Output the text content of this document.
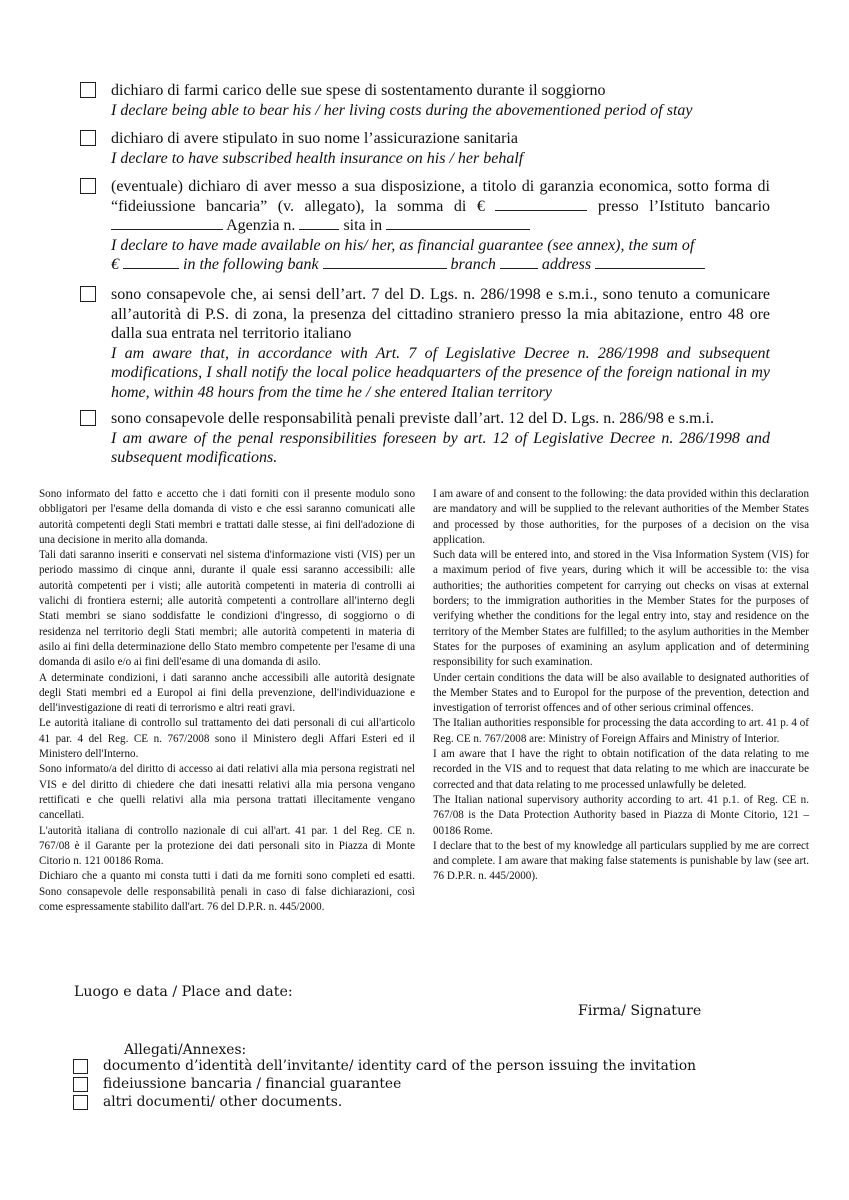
dichiaro di farmi carico delle sue spese di sostentamento durante il soggiorno
I declare being able to bear his / her living costs during the abovementioned period of stay
dichiaro di avere stipulato in suo nome l’assicurazione sanitaria
I declare to have subscribed health insurance on his / her behalf
(eventuale) dichiaro di aver messo a sua disposizione, a titolo di garanzia economica, sotto forma di “fideiussione bancaria” (v. allegato), la somma di €	presso l’Istituto bancario  Agenzia n.	sita in
I declare to have made available on his/ her, as financial guarantee (see annex), the sum of
€	in the following bank	branch	address
sono consapevole che, ai sensi dell’art. 7 del D. Lgs. n. 286/1998 e s.m.i., sono tenuto a comunicare all’autorità di P.S. di zona, la presenza del cittadino straniero presso la mia abitazione, entro 48 ore dalla sua entrata nel territorio italiano
I am aware that, in accordance with Art. 7 of Legislative Decree n. 286/1998 and subsequent modifications, I shall notify the local police headquarters of the presence of the foreign national in my home, within 48 hours from the time he / she entered Italian territory
sono consapevole delle responsabilità penali previste dall’art. 12 del D. Lgs. n. 286/98 e s.m.i.
I am aware of the penal responsibilities foreseen by art. 12 of Legislative Decree n. 286/1998 and subsequent modifications.

Sono informato del fatto e accetto che i dati forniti con il presente modulo sono obbligatori per l'esame della domanda di visto e che essi saranno comunicati alle autorità competenti degli Stati membri e trattati dalle stesse, ai fini dell'adozione di una decisione in merito alla domanda.

Tali dati saranno inseriti e conservati nel sistema d'informazione visti (VIS) per un periodo massimo di cinque anni, durante il quale essi saranno accessibili: alle autorità competenti per i visti; alle autorità competenti in materia di controlli ai valichi di frontiera esterni; alle autorità competenti a controllare all'interno degli Stati membri se siano soddisfatte le condizioni d'ingresso, di soggiorno o di residenza nel territorio degli Stati membri; alle autorità competenti in materia di asilo ai fini della determinazione dello Stato membro competente per l'esame di una domanda di asilo e/o ai fini dell'esame di una domanda di asilo.

A determinate condizioni, i dati saranno anche accessibili alle autorità designate degli Stati membri ed a Europol ai fini della prevenzione, dell'individuazione e dell'investigazione di reati di terrorismo e altri reati gravi.

Le autorità italiane di controllo sul trattamento dei dati personali di cui all'articolo 41 par. 4 del Reg. CE n. 767/2008 sono il Ministero degli Affari Esteri ed il Ministero dell'Interno.

Sono informato/a del diritto di accesso ai dati relativi alla mia persona registrati nel VIS e del diritto di chiedere che dati inesatti relativi alla mia persona vengano rettificati e che quelli relativi alla mia persona trattati illecitamente vengano cancellati.

L'autorità italiana di controllo nazionale di cui all'art. 41 par. 1 del Reg. CE n. 767/08 è il Garante per la protezione dei dati personali sito in Piazza di Monte Citorio n. 121 00186 Roma.

Dichiaro che a quanto mi consta tutti i dati da me forniti sono completi ed esatti. Sono consapevole delle responsabilità penali in caso di false dichiarazioni, così come espressamente stabilito dall'art. 76 del D.P.R. n. 445/2000.

I am aware of and consent to the following: the data provided within this declaration are mandatory and will be supplied to the relevant authorities of the Member States and processed by those authorities, for the purposes of a decision on the visa application.

Such data will be entered into, and stored in the Visa Information System (VIS) for a maximum period of five years, during which it will be accessible to: the visa authorities; the authorities competent for carrying out checks on visas at external borders; to the immigration authorities in the Member States for the purposes of verifying whether the conditions for the legal entry into, stay and residence on the territory of the Member States are fulfilled; to the asylum authorities in the Member States for the purposes of examining an asylum application and of determining responsibility for such examination.

Under certain conditions the data will be also available to designated authorities of the Member States and to Europol for the purpose of the prevention, detection and investigation of terrorist offences and of other serious criminal offences.

The Italian authorities responsible for processing the data according to art. 41 p. 4 of Reg. CE n. 767/2008 are: Ministry of Foreign Affairs and Ministry of Interior.

I am aware that I have the right to obtain notification of the data relating to me recorded in the VIS and to request that data relating to me which are inaccurate be corrected and that data relating to me processed unlawfully be deleted.

The Italian national supervisory authority according to art. 41 p.1. of Reg. CE n. 767/08 is the Data Protection Authority based in Piazza di Monte Citorio, 121 – 00186 Rome.

I declare that to the best of my knowledge all particulars supplied by me are correct and complete. I am aware that making false statements is punishable by law (see art. 76 D.P.R. n. 445/2000).

Luogo e data / Place and date:
Firma/ Signature
Allegati/Annexes:
documento d’identità dell’invitante/ identity card of the person issuing the invitation
fideiussione bancaria / financial guarantee
altri documenti/ other documents.
